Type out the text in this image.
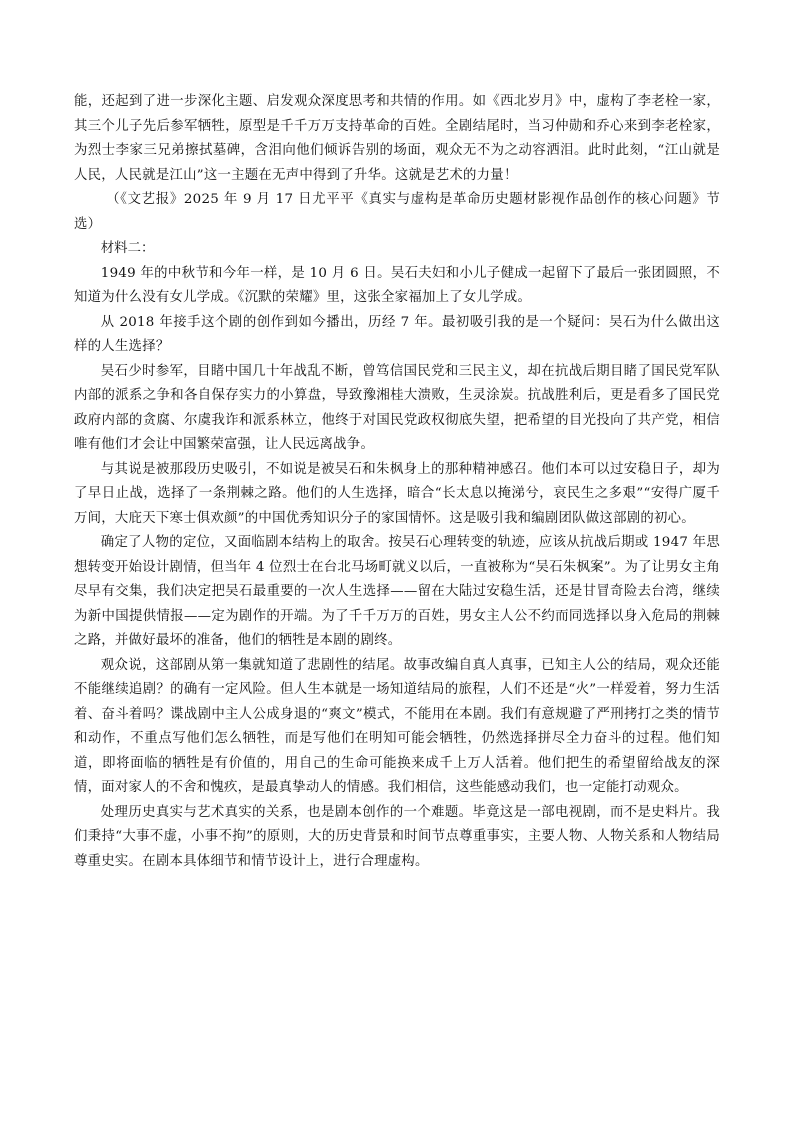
能，还起到了进一步深化主题、启发观众深度思考和共情的作用。如《西北岁月》中，虚构了李老栓一家，其三个儿子先后参军牺牲，原型是千千万万支持革命的百姓。全剧结尾时，当习仲勋和乔心来到李老栓家，为烈士李家三兄弟擦拭墓碑，含泪向他们倾诉告别的场面，观众无不为之动容洒泪。此时此刻，“江山就是人民，人民就是江山”这一主题在无声中得到了升华。这就是艺术的力量！

（《文艺报》2025 年 9 月 17 日尤平平《真实与虚构是革命历史题材影视作品创作的核心问题》节选）

材料二：

1949 年的中秋节和今年一样，是 10 月 6 日。吴石夫妇和小儿子健成一起留下了最后一张团圆照，不知道为什么没有女儿学成。《沉默的荣耀》里，这张全家福加上了女儿学成。

从 2018 年接手这个剧的创作到如今播出，历经 7 年。最初吸引我的是一个疑问：吴石为什么做出这样的人生选择？

吴石少时参军，目睹中国几十年战乱不断，曾笃信国民党和三民主义，却在抗战后期目睹了国民党军队内部的派系之争和各自保存实力的小算盘，导致豫湘桂大溃败，生灵涂炭。抗战胜利后，更是看多了国民党政府内部的贪腐、尔虞我诈和派系林立，他终于对国民党政权彻底失望，把希望的目光投向了共产党，相信唯有他们才会让中国繁荣富强，让人民远离战争。

与其说是被那段历史吸引，不如说是被吴石和朱枫身上的那种精神感召。他们本可以过安稳日子，却为了早日止战，选择了一条荆棘之路。他们的人生选择，暗合“长太息以掩涕兮，哀民生之多艰”“安得广厦千万间，大庇天下寒士俱欢颜”的中国优秀知识分子的家国情怀。这是吸引我和编剧团队做这部剧的初心。

确定了人物的定位，又面临剧本结构上的取舍。按吴石心理转变的轨迹，应该从抗战后期或 1947 年思想转变开始设计剧情，但当年 4 位烈士在台北马场町就义以后，一直被称为“吴石朱枫案”。为了让男女主角尽早有交集，我们决定把吴石最重要的一次人生选择——留在大陆过安稳生活，还是甘冒奇险去台湾，继续为新中国提供情报——定为剧作的开端。为了千千万万的百姓，男女主人公不约而同选择以身入危局的荆棘之路，并做好最坏的准备，他们的牺牲是本剧的剧终。

观众说，这部剧从第一集就知道了悲剧性的结尾。故事改编自真人真事，已知主人公的结局，观众还能不能继续追剧？的确有一定风险。但人生本就是一场知道结局的旅程，人们不还是“火”一样爱着，努力生活着、奋斗着吗？谍战剧中主人公成身退的“爽文”模式，不能用在本剧。我们有意规避了严刑拷打之类的情节和动作，不重点写他们怎么牺牲，而是写他们在明知可能会牺牲，仍然选择拼尽全力奋斗的过程。他们知道，即将面临的牺牲是有价值的，用自己的生命可能换来成千上万人活着。他们把生的希望留给战友的深情，面对家人的不舍和愧疚，是最真挚动人的情感。我们相信，这些能感动我们，也一定能打动观众。

处理历史真实与艺术真实的关系，也是剧本创作的一个难题。毕竟这是一部电视剧，而不是史料片。我们秉持“大事不虚，小事不拘”的原则，大的历史背景和时间节点尊重事实，主要人物、人物关系和人物结局尊重史实。在剧本具体细节和情节设计上，进行合理虚构。
